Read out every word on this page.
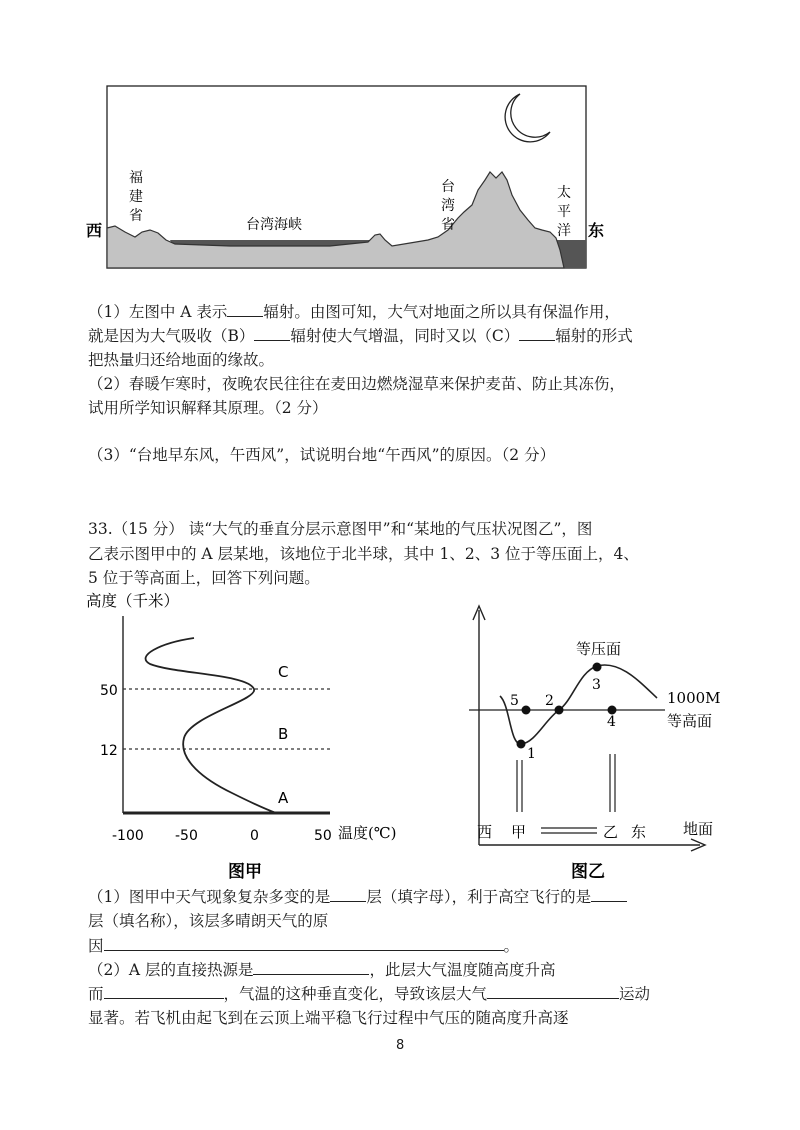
西	东
福
建
省
台湾海峡
台
湾
省
太
平
洋
（1）左图中 A 表示 辐射。由图可知，大气对地面之所以具有保温作用，
就是因为大气吸收（B） 辐射使大气增温，同时又以（C） 辐射的形式
把热量归还给地面的缘故。
（2）春暖乍寒时，夜晚农民往往在麦田边燃烧湿草来保护麦苗、防止其冻伤，
试用所学知识解释其原理。（2 分）
（3）“台地早东风，午西风”，试说明台地“午西风”的原因。（2 分）
33.（15 分） 读“大气的垂直分层示意图甲”和“某地的气压状况图乙”，图
乙表示图甲中的 A 层某地，该地位于北半球，其中 1、2、3 位于等压面上，4、
5 位于等高面上，回答下列问题。
高度（千米）
50
12
-100 -50	0	50 温度(℃)
C
B
A
图甲
等压面
1000M
等高面
5 2
3
4
1
西 甲	乙 东 地面
图乙
（1）图甲中天气现象复杂多变的是 层（填字母），利于高空飞行的是
层（填名称），该层多晴朗天气的原
因	。
（2）A 层的直接热源是	，此层大气温度随高度升高
而	，气温的这种垂直变化，导致该层大气	运动
显著。若飞机由起飞到在云顶上端平稳飞行过程中气压的随高度升高逐
8
